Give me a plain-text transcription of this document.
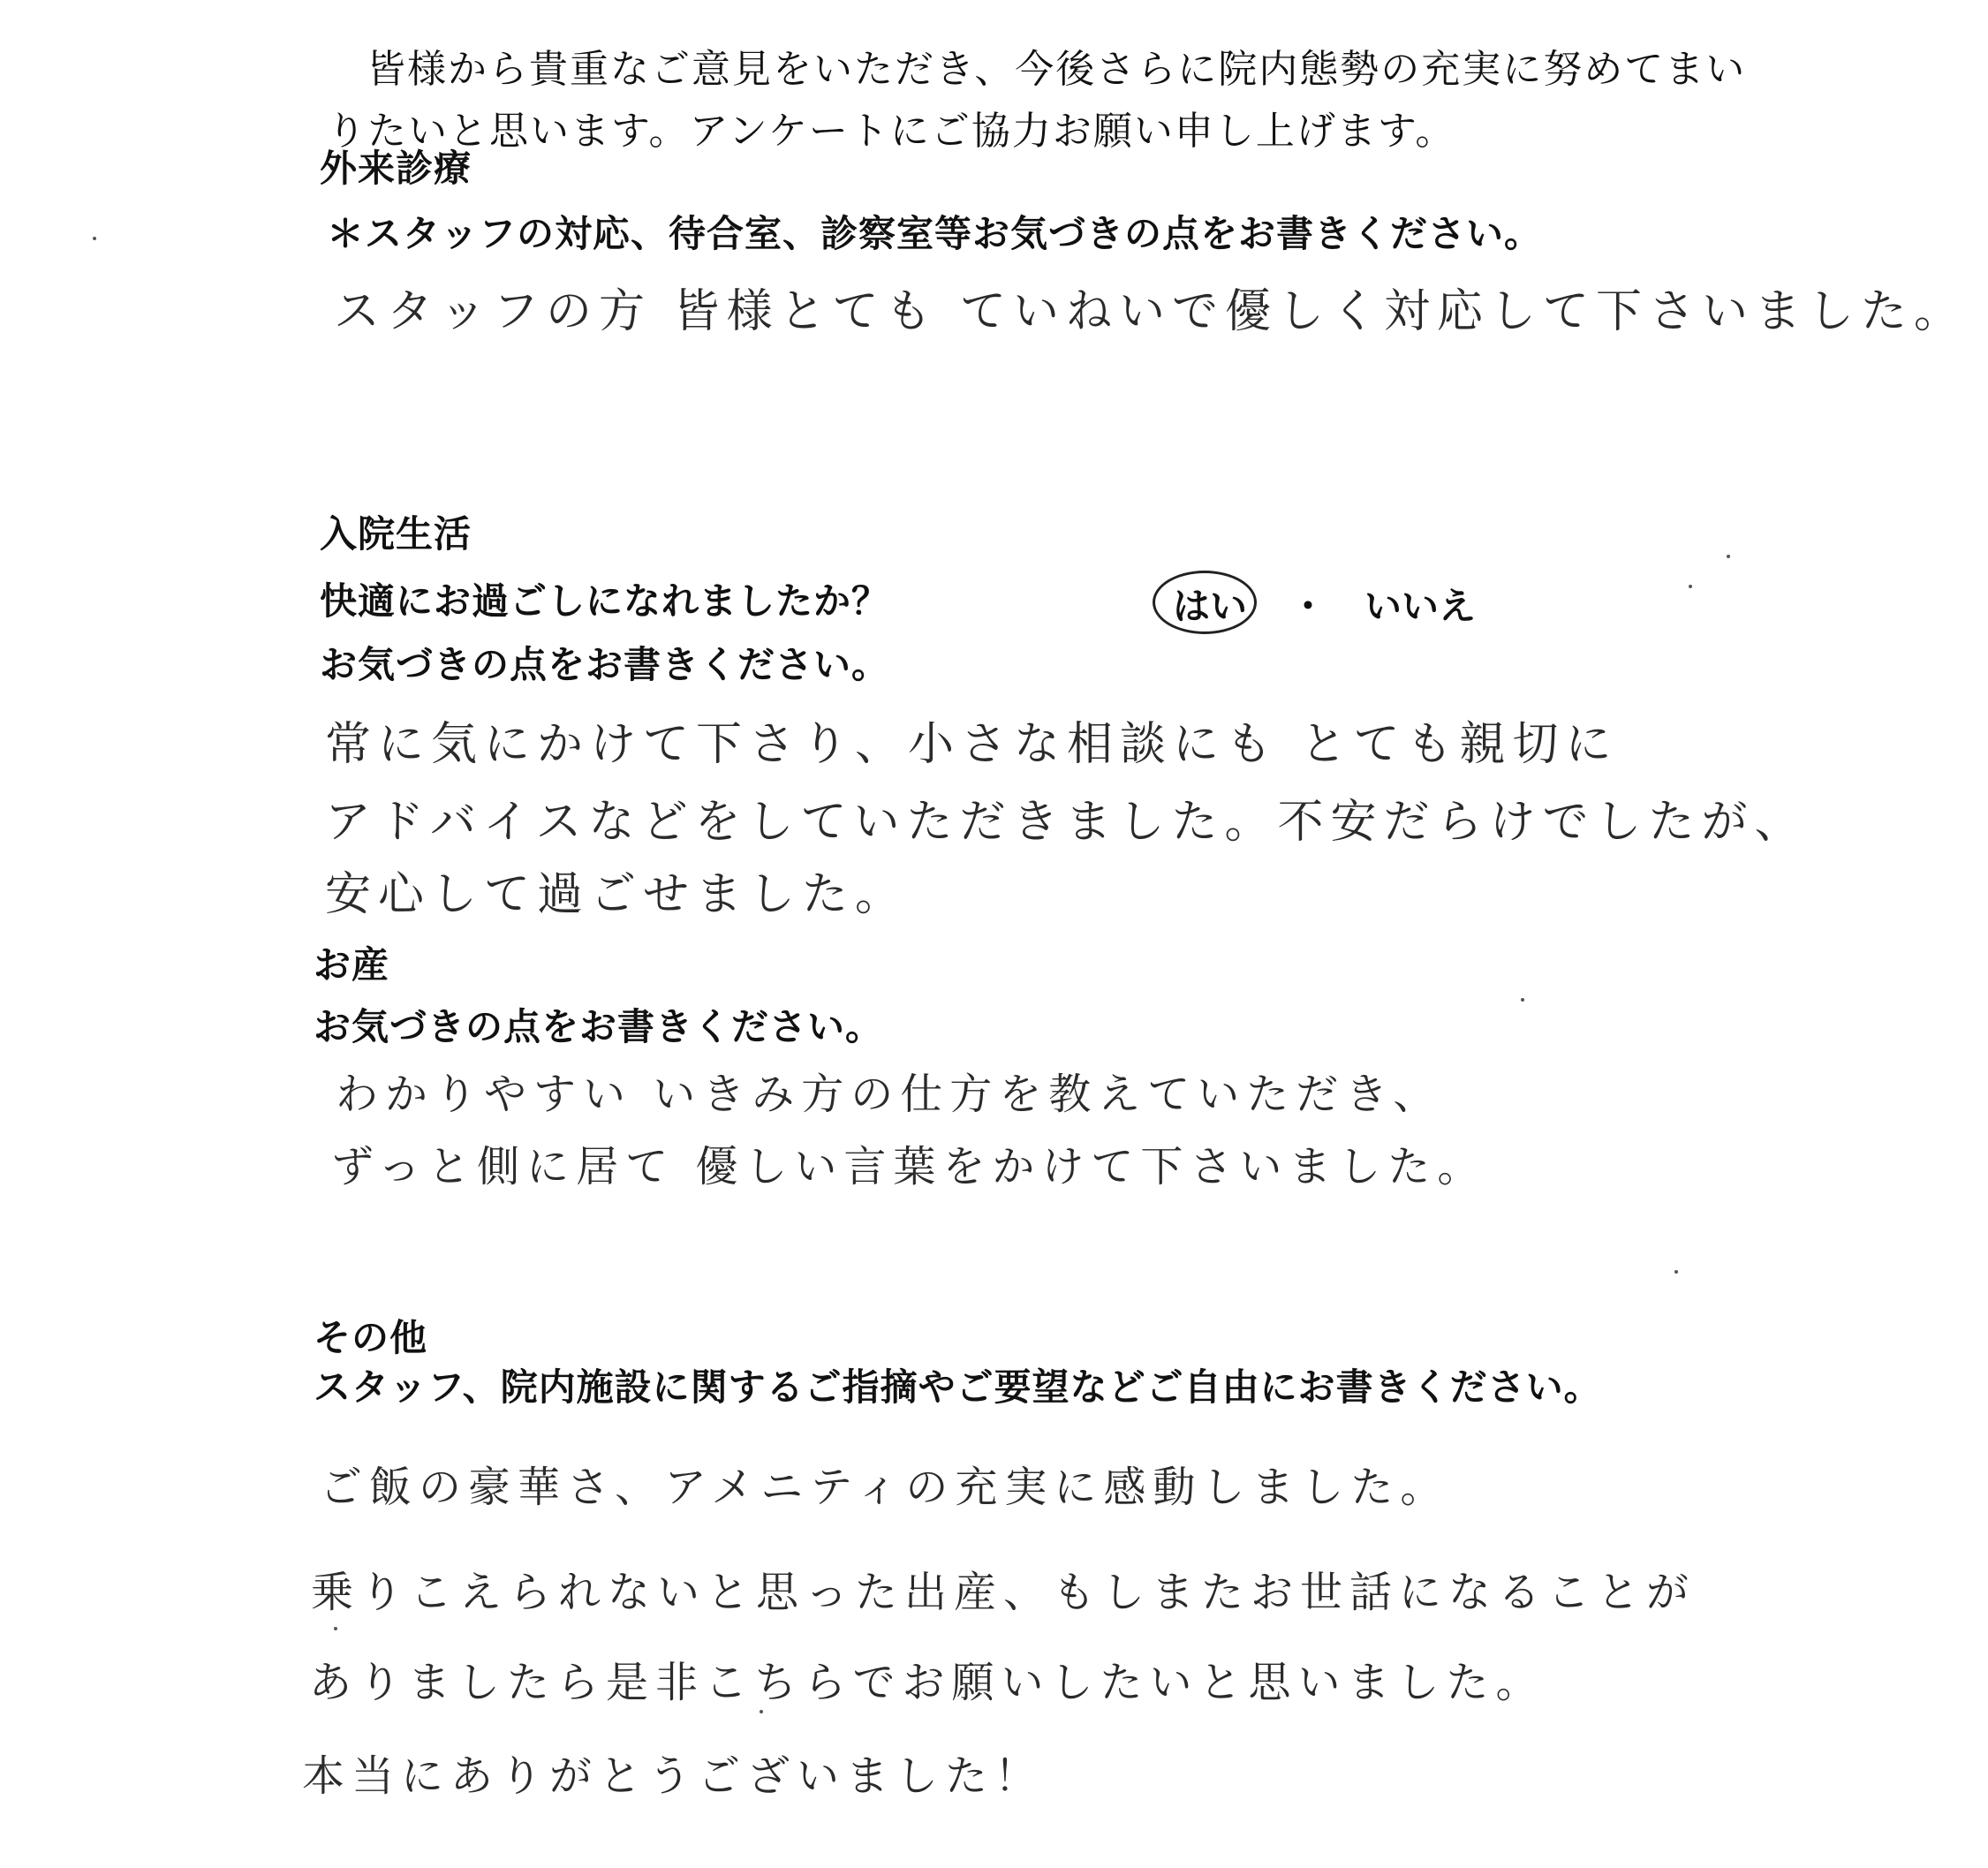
皆様から貴重なご意見をいただき、今後さらに院内態勢の充実に努めてまい
りたいと思います。アンケートにご協力お願い申し上げます。
外来診療
＊スタッフの対応、待合室、診察室等お気づきの点をお書きください。
スタッフの方 皆様とても ていねいで優しく対応して下さいました。
入院生活
快適にお過ごしになれましたか？	はい ・ いいえ
お気づきの点をお書きください。
常に気にかけて下さり、小さな相談にも とても親切に
アドバイスなどをしていただきました。不安だらけでしたが、
安心して過ごせました。
お産
お気づきの点をお書きください。
わかりやすい いきみ方の仕方を教えていただき、
ずっと側に居て 優しい言葉をかけて下さいました。
その他
スタッフ、院内施設に関するご指摘やご要望などご自由にお書きください。
ご飯の豪華さ、アメニティの充実に感動しました。
乗りこえられないと思った出産、もしまたお世話になることが
ありましたら是非こちらでお願いしたいと思いました。
本当にありがとうございました！
